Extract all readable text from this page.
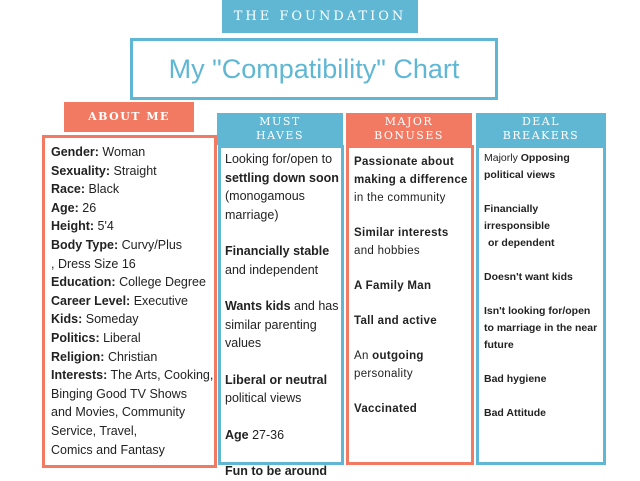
THE FOUNDATION
My "Compatibility" Chart
ABOUT ME	MUST
HAVES
MAJOR
BONUSES
DEAL
BREAKERS
Gender: Woman
Sexuality: Straight
Race: Black
Age: 26
Height: 5'4
Body Type: Curvy/Plus
, Dress Size 16
Education: College Degree
Career Level: Executive
Kids: Someday
Politics: Liberal
Religion: Christian
Interests: The Arts, Cooking,
Binging Good TV Shows
and Movies, Community
Service, Travel,
Comics and Fantasy
Looking for/open to settling down soon (monogamous marriage)
Financially stable and independent
Wants kids and has similar parenting values
Liberal or neutral political views
Age 27-36
Fun to be around
Passionate about making a difference in the community
Similar interests and hobbies
A Family Man
Tall and active
An outgoing personality
Vaccinated
Majorly Opposing political views
Financially irresponsible
or dependent
Doesn't want kids
Isn't looking for/open to marriage in the near future
Bad hygiene
Bad Attitude
